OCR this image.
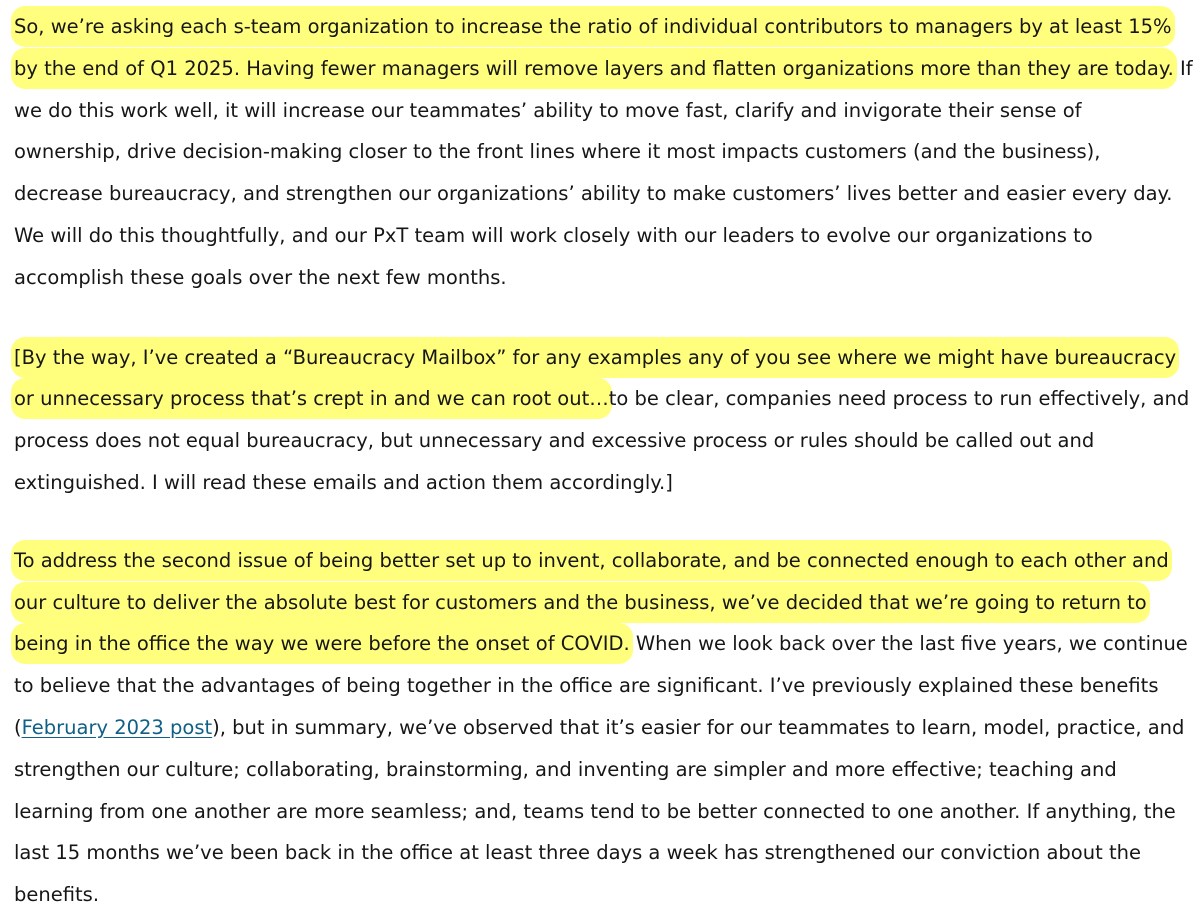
So, we’re asking each s-team organization to increase the ratio of individual contributors to managers by at least 15% by the end of Q1 2025. Having fewer managers will remove layers and flatten organizations more than they are today. If we do this work well, it will increase our teammates’ ability to move fast, clarify and invigorate their sense of ownership, drive decision-making closer to the front lines where it most impacts customers (and the business), decrease bureaucracy, and strengthen our organizations’ ability to make customers’ lives better and easier every day. We will do this thoughtfully, and our PxT team will work closely with our leaders to evolve our organizations to accomplish these goals over the next few months.

[By the way, I’ve created a “Bureaucracy Mailbox” for any examples any of you see where we might have bureaucracy or unnecessary process that’s crept in and we can root out…to be clear, companies need process to run effectively, and process does not equal bureaucracy, but unnecessary and excessive process or rules should be called out and extinguished. I will read these emails and action them accordingly.]

To address the second issue of being better set up to invent, collaborate, and be connected enough to each other and our culture to deliver the absolute best for customers and the business, we’ve decided that we’re going to return to being in the office the way we were before the onset of COVID. When we look back over the last five years, we continue to believe that the advantages of being together in the office are significant. I’ve previously explained these benefits (February 2023 post), but in summary, we’ve observed that it’s easier for our teammates to learn, model, practice, and strengthen our culture; collaborating, brainstorming, and inventing are simpler and more effective; teaching and learning from one another are more seamless; and, teams tend to be better connected to one another. If anything, the last 15 months we’ve been back in the office at least three days a week has strengthened our conviction about the benefits.
